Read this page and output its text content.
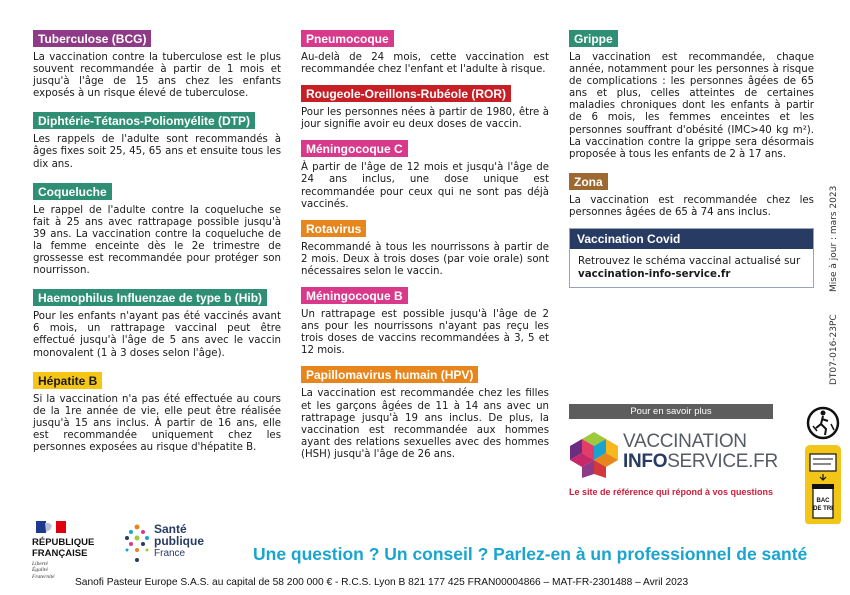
Tuberculose (BCG)

La vaccination contre la tuberculose est le plus souvent recommandée à partir de 1 mois et jusqu'à l'âge de 15 ans chez les enfants exposés à un risque élevé de tuberculose.

Diphtérie-Tétanos-Poliomyélite (DTP)

Les rappels de l'adulte sont recommandés à âges fixes soit 25, 45, 65 ans et ensuite tous les dix ans.

Coqueluche

Le rappel de l'adulte contre la coqueluche se fait à 25 ans avec rattrapage possible jusqu'à 39 ans. La vaccination contre la coqueluche de la femme enceinte dès le 2e trimestre de grossesse est recommandée pour protéger son nourrisson.

Haemophilus Influenzae de type b (Hib)

Pour les enfants n'ayant pas été vaccinés avant 6 mois, un rattrapage vaccinal peut être effectué jusqu'à l'âge de 5 ans avec le vaccin monovalent (1 à 3 doses selon l'âge).

Hépatite B

Si la vaccination n'a pas été effectuée au cours de la 1re année de vie, elle peut être réalisée jusqu'à 15 ans inclus. À partir de 16 ans, elle est recommandée uniquement chez les personnes exposées au risque d'hépatite B.

Pneumocoque

Au-delà de 24 mois, cette vaccination est recommandée chez l'enfant et l'adulte à risque.

Rougeole-Oreillons-Rubéole (ROR)

Pour les personnes nées à partir de 1980, être à jour signifie avoir eu deux doses de vaccin.

Méningocoque C

À partir de l'âge de 12 mois et jusqu'à l'âge de 24 ans inclus, une dose unique est recommandée pour ceux qui ne sont pas déjà vaccinés.

Rotavirus

Recommandé à tous les nourrissons à partir de 2 mois. Deux à trois doses (par voie orale) sont nécessaires selon le vaccin.

Méningocoque B

Un rattrapage est possible jusqu'à l'âge de 2 ans pour les nourrissons n'ayant pas reçu les trois doses de vaccins recommandées à 3, 5 et 12 mois.

Papillomavirus humain (HPV)

La vaccination est recommandée chez les filles et les garçons âgées de 11 à 14 ans avec un rattrapage jusqu'à 19 ans inclus. De plus, la vaccination est recommandée aux hommes ayant des relations sexuelles avec des hommes (HSH) jusqu'à l'âge de 26 ans.

Grippe

La vaccination est recommandée, chaque année, notamment pour les personnes à risque de complications : les personnes âgées de 65 ans et plus, celles atteintes de certaines maladies chroniques dont les enfants à partir de 6 mois, les femmes enceintes et les personnes souffrant d'obésité (IMC>40 kg m²). La vaccination contre la grippe sera désormais proposée à tous les enfants de 2 à 17 ans.

Zona

La vaccination est recommandée chez les personnes âgées de 65 à 74 ans inclus.

Vaccination Covid
Retrouvez le schéma vaccinal actualisé sur
vaccination-info-service.fr	Mise à jour : mars 2023
DT07-016-23PC
BAC
DE TRI
Pour en savoir plus
VACCINATION
INFOSERVICE.FR
Le site de référence qui répond à vos questions
RÉPUBLIQUE
FRANÇAISE
Liberté
Égalité
Fraternité
Santé
publique
France	Une question ? Un conseil ? Parlez-en à un professionnel de santé
Sanofi Pasteur Europe S.A.S. au capital de 58 200 000 € - R.C.S. Lyon B 821 177 425 FRAN00004866 – MAT-FR-2301488 – Avril 2023
